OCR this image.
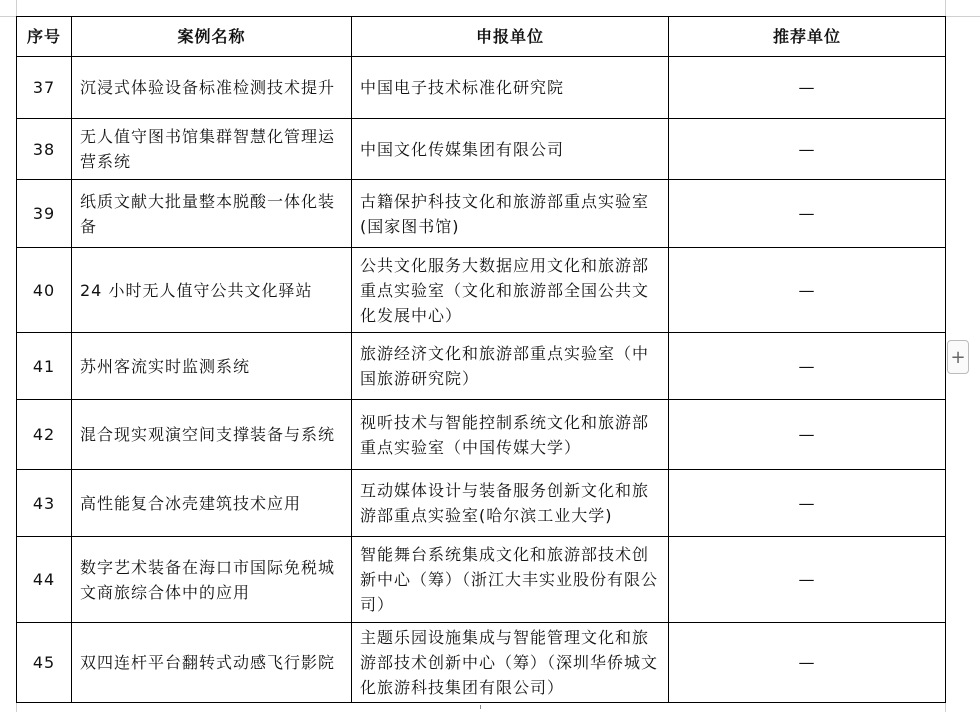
序号	案例名称	申报单位	推荐单位
37	沉浸式体验设备标准检测技术提升	中国电子技术标准化研究院	—
38	无人值守图书馆集群智慧化管理运营系统	中国文化传媒集团有限公司	—
39	纸质文献大批量整本脱酸一体化装备	古籍保护科技文化和旅游部重点实验室(国家图书馆)	—
40	24 小时无人值守公共文化驿站	公共文化服务大数据应用文化和旅游部重点实验室（文化和旅游部全国公共文化发展中心）	—
41	苏州客流实时监测系统	旅游经济文化和旅游部重点实验室（中国旅游研究院）	—
42	混合现实观演空间支撑装备与系统	视听技术与智能控制系统文化和旅游部重点实验室（中国传媒大学）	—
43	高性能复合冰壳建筑技术应用	互动媒体设计与装备服务创新文化和旅游部重点实验室(哈尔滨工业大学)	—
44	数字艺术装备在海口市国际免税城文商旅综合体中的应用	智能舞台系统集成文化和旅游部技术创新中心（筹）（浙江大丰实业股份有限公司）	—
45	双四连杆平台翻转式动感飞行影院	主题乐园设施集成与智能管理文化和旅游部技术创新中心（筹）（深圳华侨城文化旅游科技集团有限公司）	—
+
